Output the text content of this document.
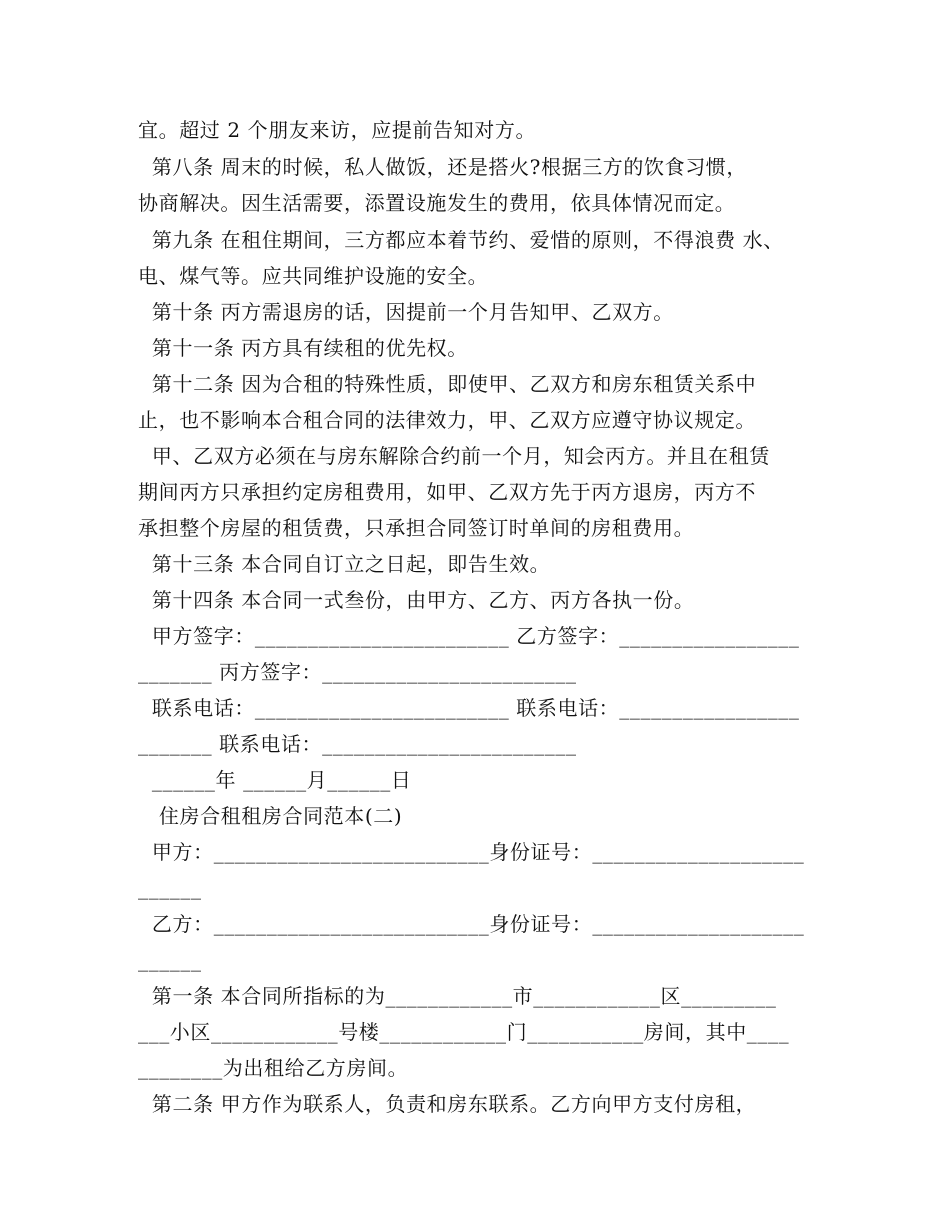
宜。超过 2 个朋友来访，应提前告知对方。
第八条 周末的时候，私人做饭，还是搭火?根据三方的饮食习惯，
协商解决。因生活需要，添置设施发生的费用，依具体情况而定。
第九条 在租住期间，三方都应本着节约、爱惜的原则，不得浪费 水、
电、煤气等。应共同维护设施的安全。
第十条 丙方需退房的话，因提前一个月告知甲、乙双方。
第十一条 丙方具有续租的优先权。
第十二条 因为合租的特殊性质，即使甲、乙双方和房东租赁关系中
止，也不影响本合租合同的法律效力，甲、乙双方应遵守协议规定。
甲、乙双方必须在与房东解除合约前一个月，知会丙方。并且在租赁
期间丙方只承担约定房租费用，如甲、乙双方先于丙方退房，丙方不
承担整个房屋的租赁费，只承担合同签订时单间的房租费用。
第十三条 本合同自订立之日起，即告生效。
第十四条 本合同一式叁份，由甲方、乙方、丙方各执一份。
甲方签字：________________________ 乙方签字：_________________
_______ 丙方签字：________________________
联系电话：________________________ 联系电话：_________________
_______ 联系电话：________________________
______年 ______月______日
住房合租租房合同范本(二)
甲方：__________________________身份证号：____________________
______
乙方：__________________________身份证号：____________________
______
第一条 本合同所指标的为____________市____________区_________
___小区____________号楼____________门___________房间，其中____
________为出租给乙方房间。
第二条 甲方作为联系人，负责和房东联系。乙方向甲方支付房租，
